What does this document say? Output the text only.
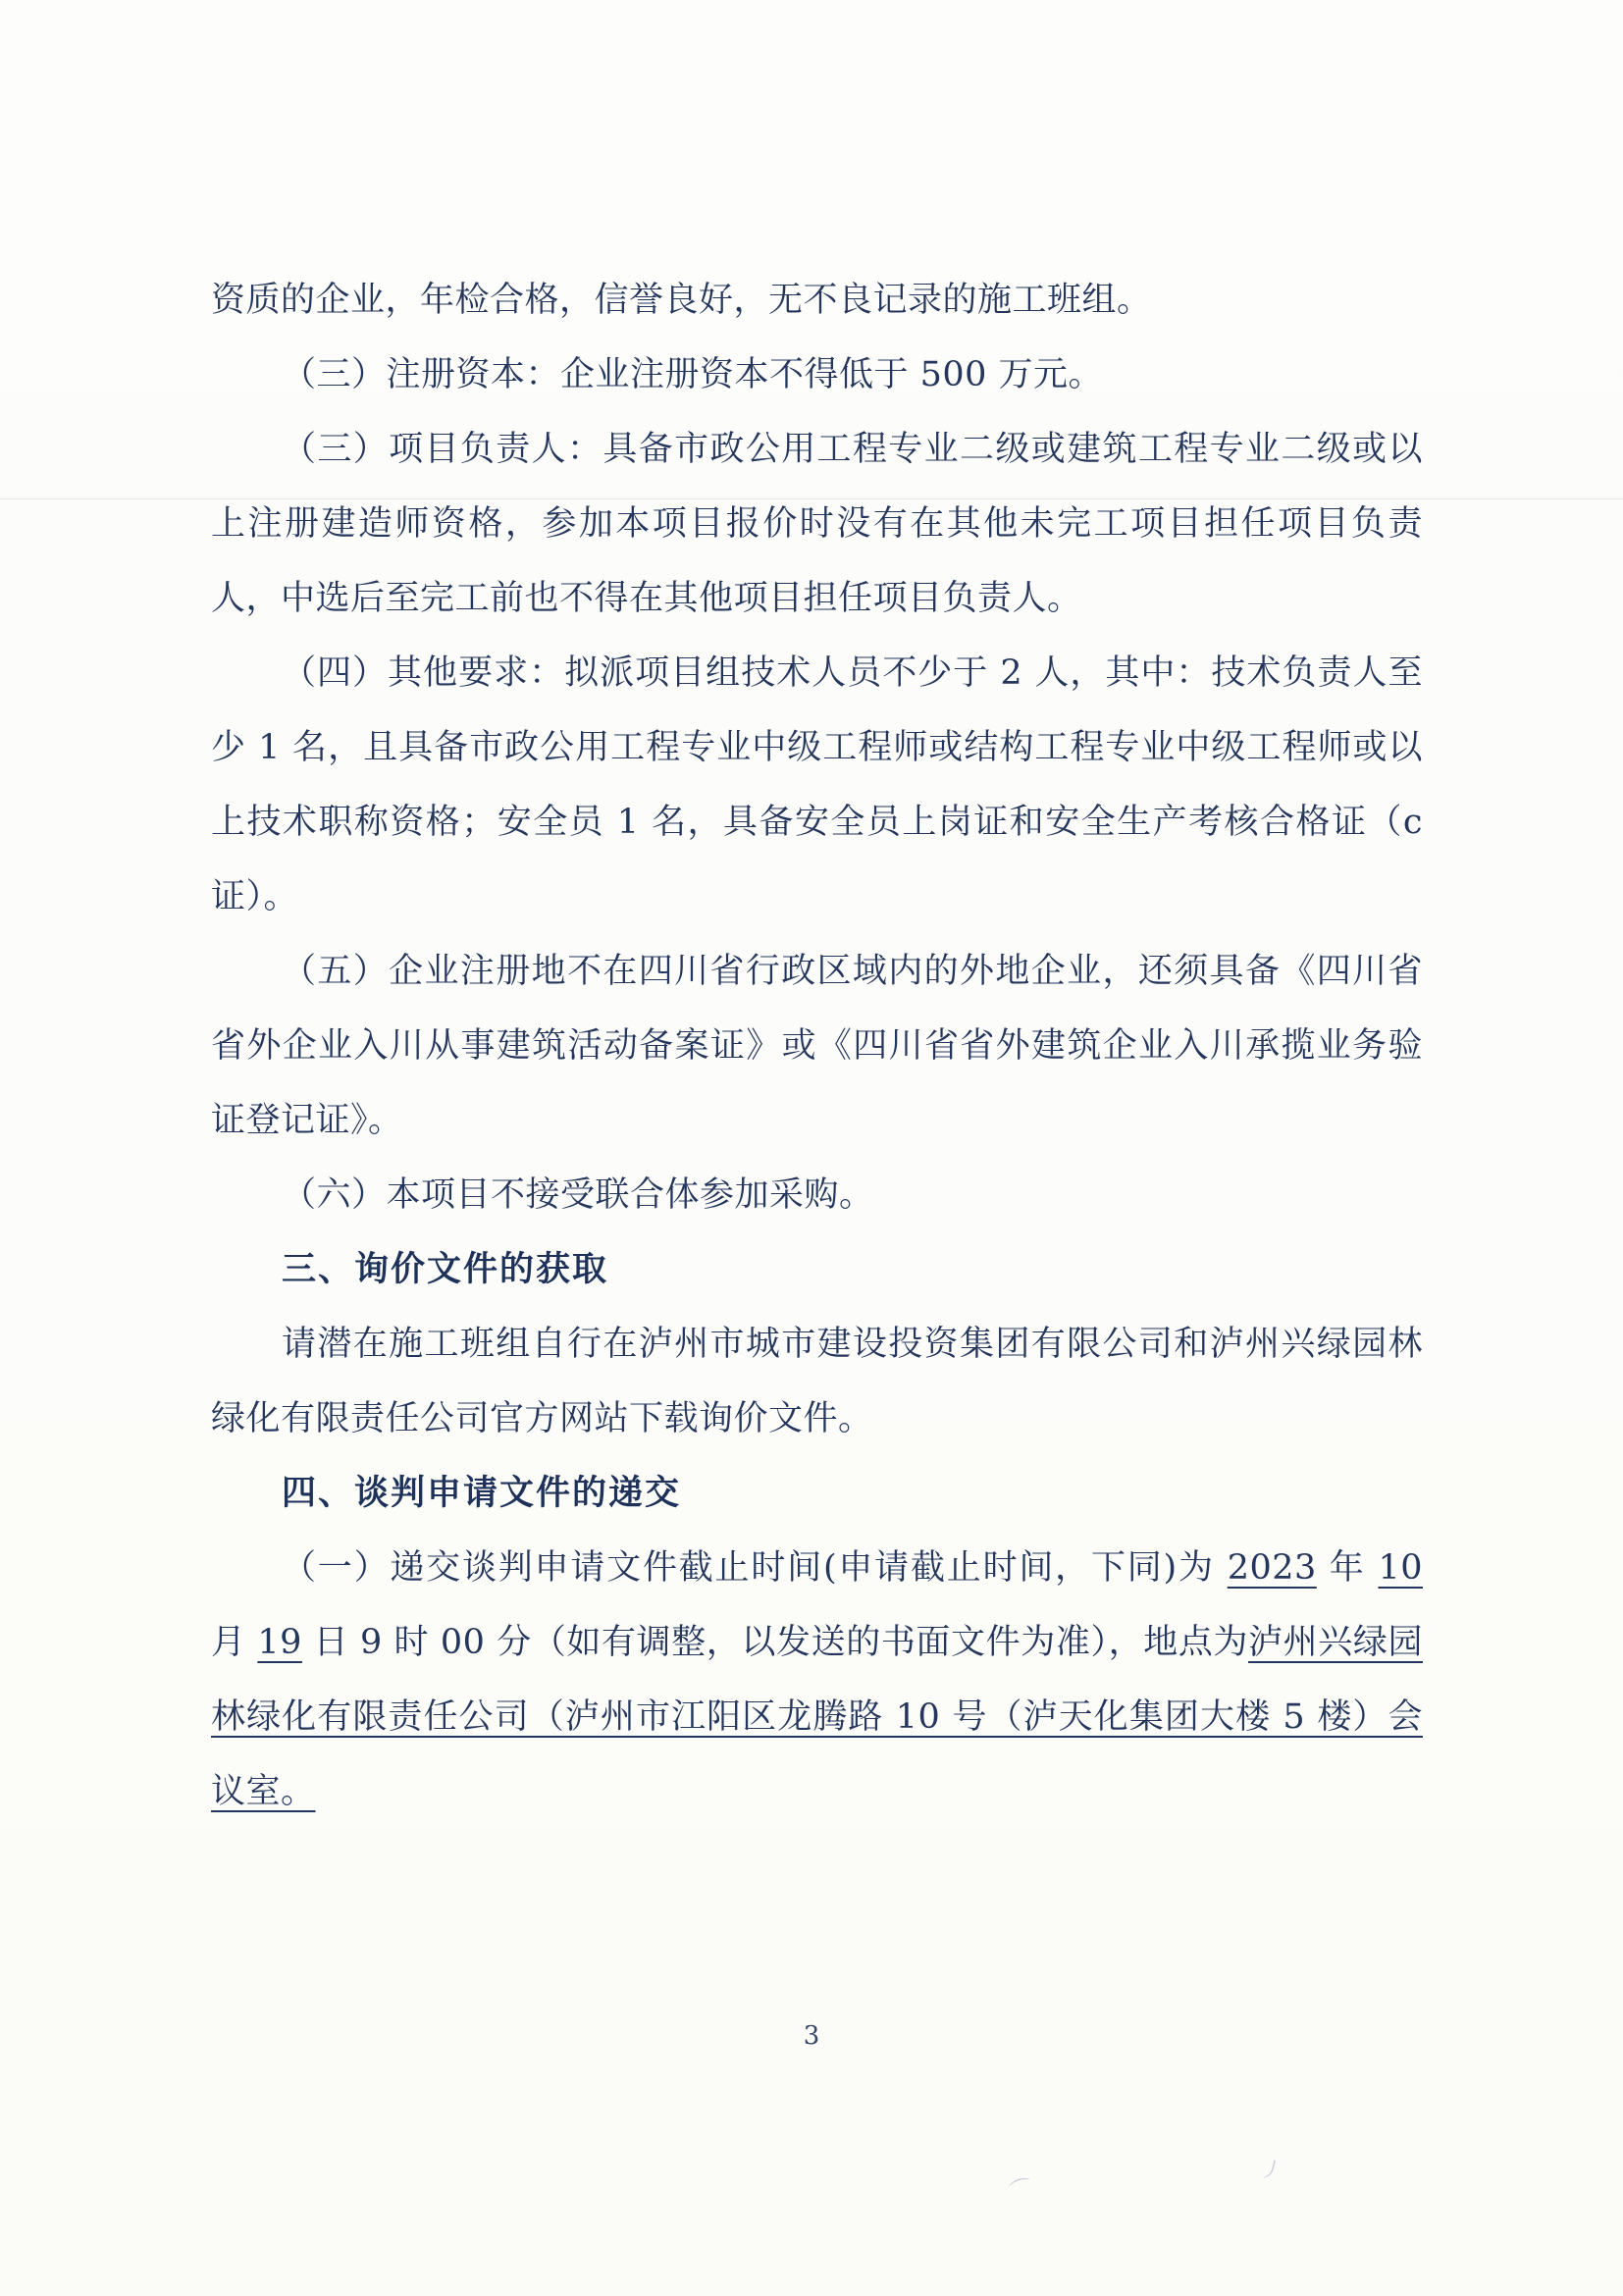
资质的企业，年检合格，信誉良好，无不良记录的施工班组。

（三）注册资本：企业注册资本不得低于 500 万元。

（三）项目负责人：具备市政公用工程专业二级或建筑工程专业二级或以上注册建造师资格，参加本项目报价时没有在其他未完工项目担任项目负责人，中选后至完工前也不得在其他项目担任项目负责人。

（四）其他要求：拟派项目组技术人员不少于 2 人，其中：技术负责人至少 1 名，且具备市政公用工程专业中级工程师或结构工程专业中级工程师或以上技术职称资格；安全员 1 名，具备安全员上岗证和安全生产考核合格证（c 证）。

（五）企业注册地不在四川省行政区域内的外地企业，还须具备《四川省省外企业入川从事建筑活动备案证》或《四川省省外建筑企业入川承揽业务验证登记证》。

（六）本项目不接受联合体参加采购。

三、询价文件的获取

请潜在施工班组自行在泸州市城市建设投资集团有限公司和泸州兴绿园林绿化有限责任公司官方网站下载询价文件。

四、谈判申请文件的递交

（一）递交谈判申请文件截止时间(申请截止时间，下同)为 2023 年 10 月 19 日 9 时 00 分（如有调整，以发送的书面文件为准），地点为泸州兴绿园林绿化有限责任公司（泸州市江阳区龙腾路 10 号（泸天化集团大楼 5 楼）会议室。

3
⌒
丿
